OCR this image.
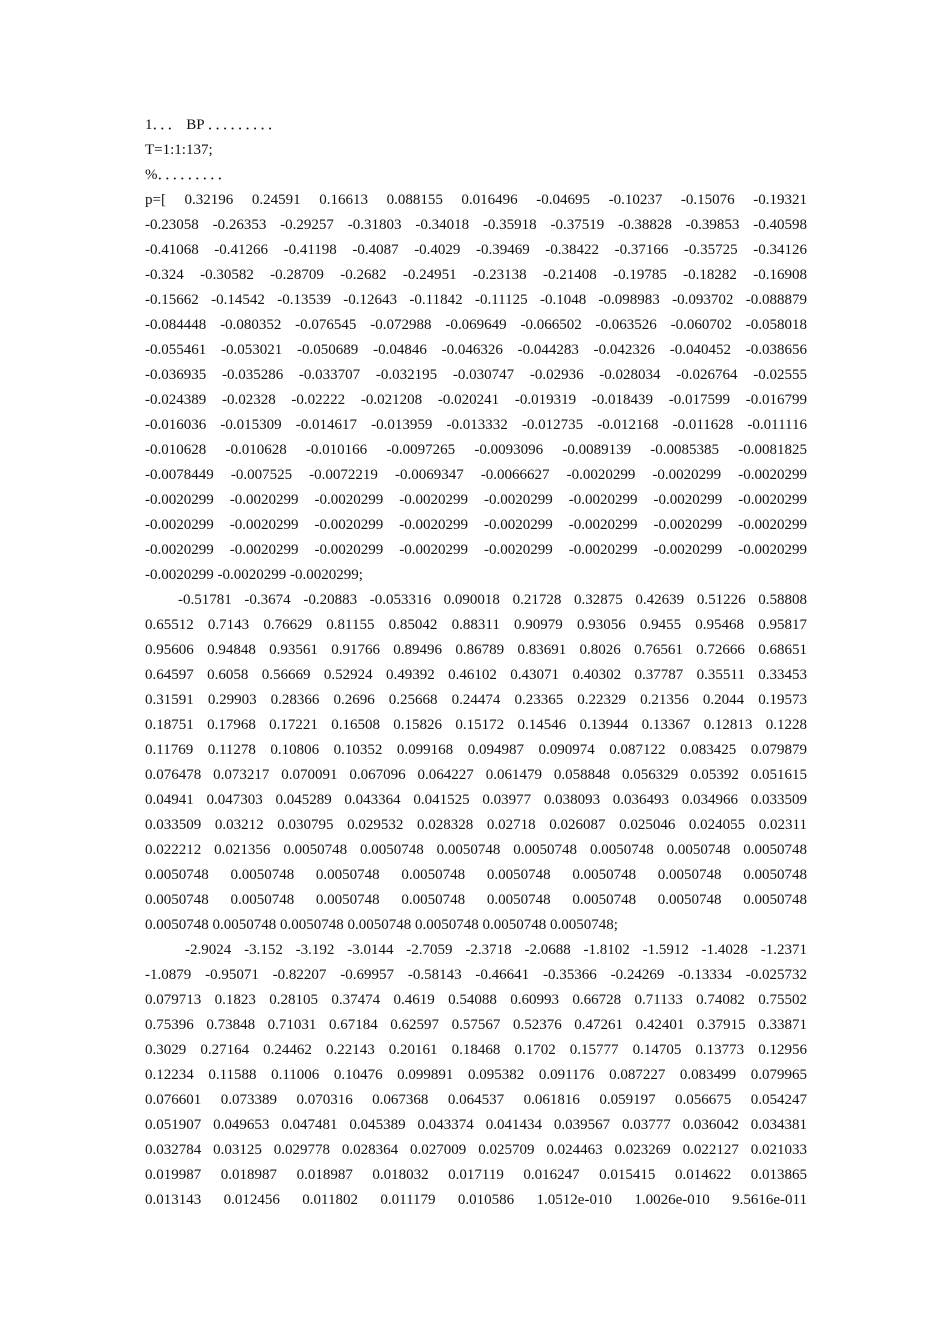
1．．． BP ．．．．．．．．．
T=1:1:137;
%．．．．．．．．．
p=[ 0.32196 0.24591 0.16613 0.088155 0.016496 -0.04695 -0.10237 -0.15076 -0.19321
-0.23058 -0.26353 -0.29257 -0.31803 -0.34018 -0.35918 -0.37519 -0.38828 -0.39853 -0.40598
-0.41068 -0.41266 -0.41198 -0.4087 -0.4029 -0.39469 -0.38422 -0.37166 -0.35725 -0.34126
-0.324 -0.30582 -0.28709 -0.2682 -0.24951 -0.23138 -0.21408 -0.19785 -0.18282 -0.16908
-0.15662 -0.14542 -0.13539 -0.12643 -0.11842 -0.11125 -0.1048 -0.098983 -0.093702 -0.088879
-0.084448 -0.080352 -0.076545 -0.072988 -0.069649 -0.066502 -0.063526 -0.060702 -0.058018
-0.055461 -0.053021 -0.050689 -0.04846 -0.046326 -0.044283 -0.042326 -0.040452 -0.038656
-0.036935 -0.035286 -0.033707 -0.032195 -0.030747 -0.02936 -0.028034 -0.026764 -0.02555
-0.024389 -0.02328 -0.02222 -0.021208 -0.020241 -0.019319 -0.018439 -0.017599 -0.016799
-0.016036 -0.015309 -0.014617 -0.013959 -0.013332 -0.012735 -0.012168 -0.011628 -0.011116
-0.010628 -0.010628 -0.010166 -0.0097265 -0.0093096 -0.0089139 -0.0085385 -0.0081825
-0.0078449 -0.007525 -0.0072219 -0.0069347 -0.0066627 -0.0020299 -0.0020299 -0.0020299
-0.0020299 -0.0020299 -0.0020299 -0.0020299 -0.0020299 -0.0020299 -0.0020299 -0.0020299
-0.0020299 -0.0020299 -0.0020299 -0.0020299 -0.0020299 -0.0020299 -0.0020299 -0.0020299
-0.0020299 -0.0020299 -0.0020299 -0.0020299 -0.0020299 -0.0020299 -0.0020299 -0.0020299
-0.0020299 -0.0020299 -0.0020299;
-0.51781 -0.3674 -0.20883 -0.053316 0.090018 0.21728 0.32875 0.42639 0.51226 0.58808
0.65512 0.7143 0.76629 0.81155 0.85042 0.88311 0.90979 0.93056 0.9455 0.95468 0.95817
0.95606 0.94848 0.93561 0.91766 0.89496 0.86789 0.83691 0.8026 0.76561 0.72666 0.68651
0.64597 0.6058 0.56669 0.52924 0.49392 0.46102 0.43071 0.40302 0.37787 0.35511 0.33453
0.31591 0.29903 0.28366 0.2696 0.25668 0.24474 0.23365 0.22329 0.21356 0.2044 0.19573
0.18751 0.17968 0.17221 0.16508 0.15826 0.15172 0.14546 0.13944 0.13367 0.12813 0.1228
0.11769 0.11278 0.10806 0.10352 0.099168 0.094987 0.090974 0.087122 0.083425 0.079879
0.076478 0.073217 0.070091 0.067096 0.064227 0.061479 0.058848 0.056329 0.05392 0.051615
0.04941 0.047303 0.045289 0.043364 0.041525 0.03977 0.038093 0.036493 0.034966 0.033509
0.033509 0.03212 0.030795 0.029532 0.028328 0.02718 0.026087 0.025046 0.024055 0.02311
0.022212 0.021356 0.0050748 0.0050748 0.0050748 0.0050748 0.0050748 0.0050748 0.0050748
0.0050748 0.0050748 0.0050748 0.0050748 0.0050748 0.0050748 0.0050748 0.0050748
0.0050748 0.0050748 0.0050748 0.0050748 0.0050748 0.0050748 0.0050748 0.0050748
0.0050748 0.0050748 0.0050748 0.0050748 0.0050748 0.0050748 0.0050748;
-2.9024 -3.152 -3.192 -3.0144 -2.7059 -2.3718 -2.0688 -1.8102 -1.5912 -1.4028 -1.2371
-1.0879 -0.95071 -0.82207 -0.69957 -0.58143 -0.46641 -0.35366 -0.24269 -0.13334 -0.025732
0.079713 0.1823 0.28105 0.37474 0.4619 0.54088 0.60993 0.66728 0.71133 0.74082 0.75502
0.75396 0.73848 0.71031 0.67184 0.62597 0.57567 0.52376 0.47261 0.42401 0.37915 0.33871
0.3029 0.27164 0.24462 0.22143 0.20161 0.18468 0.1702 0.15777 0.14705 0.13773 0.12956
0.12234 0.11588 0.11006 0.10476 0.099891 0.095382 0.091176 0.087227 0.083499 0.079965
0.076601 0.073389 0.070316 0.067368 0.064537 0.061816 0.059197 0.056675 0.054247
0.051907 0.049653 0.047481 0.045389 0.043374 0.041434 0.039567 0.03777 0.036042 0.034381
0.032784 0.03125 0.029778 0.028364 0.027009 0.025709 0.024463 0.023269 0.022127 0.021033
0.019987 0.018987 0.018987 0.018032 0.017119 0.016247 0.015415 0.014622 0.013865
0.013143 0.012456 0.011802 0.011179 0.010586 1.0512e-010 1.0026e-010 9.5616e-011
